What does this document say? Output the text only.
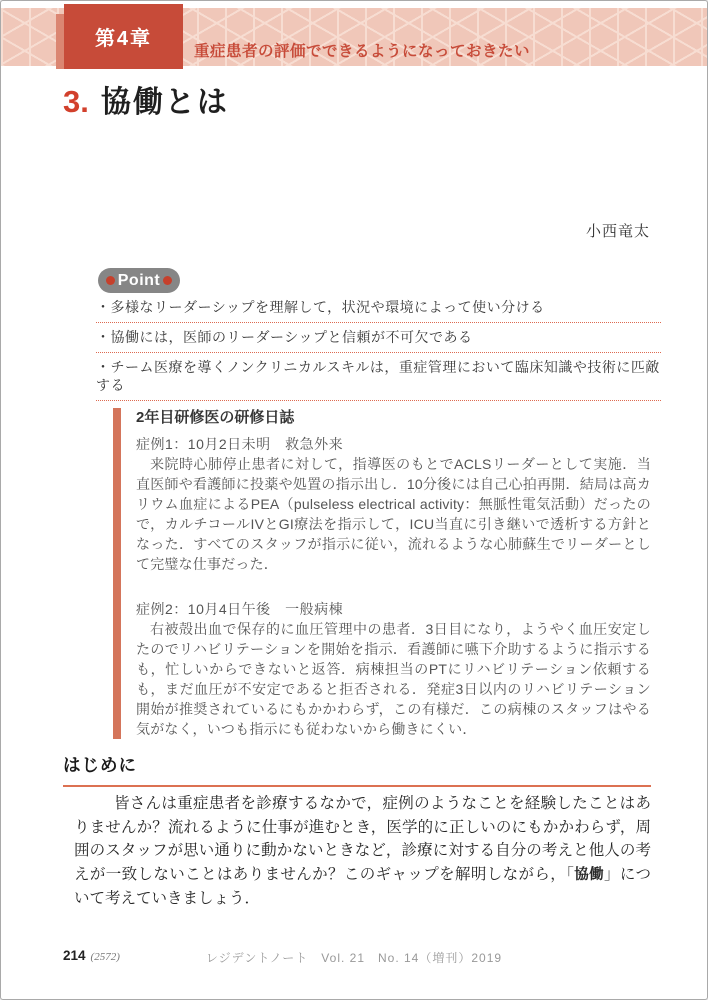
第4章
重症患者の評価でできるようになっておきたい
3. 協働とは
小西竜太
Point
・多様なリーダーシップを理解して，状況や環境によって使い分ける
・協働には，医師のリーダーシップと信頼が不可欠である
・チーム医療を導くノンクリニカルスキルは，重症管理において臨床知識や技術に匹敵する

2年目研修医の研修日誌

症例1：10月2日未明　救急外来

来院時心肺停止患者に対して，指導医のもとでACLSリーダーとして実施．当直医師や看護師に投薬や処置の指示出し．10分後には自己心拍再開．結局は高カリウム血症によるPEA（pulseless electrical activity：無脈性電気活動）だったので，カルチコールIVとGI療法を指示して，ICU当直に引き継いで透析する方針となった．すべてのスタッフが指示に従い，流れるような心肺蘇生でリーダーとして完璧な仕事だった．

症例2：10月4日午後　一般病棟

右被殻出血で保存的に血圧管理中の患者．3日目になり，ようやく血圧安定したのでリハビリテーションを開始を指示．看護師に嚥下介助するように指示するも，忙しいからできないと返答．病棟担当のPTにリハビリテーション依頼するも，まだ血圧が不安定であると拒否される．発症3日以内のリハビリテーション開始が推奨されているにもかかわらず，この有様だ．この病棟のスタッフはやる気がなく，いつも指示にも従わないから働きにくい．

はじめに

皆さんは重症患者を診療するなかで，症例のようなことを経験したことはありませんか？流れるように仕事が進むとき，医学的に正しいのにもかかわらず，周囲のスタッフが思い通りに動かないときなど，診療に対する自分の考えと他人の考えが一致しないことはありませんか？このギャップを解明しながら，「協働」について考えていきましょう．

レジデントノート　Vol. 21　No. 14（増刊）2019
214 (2572)
